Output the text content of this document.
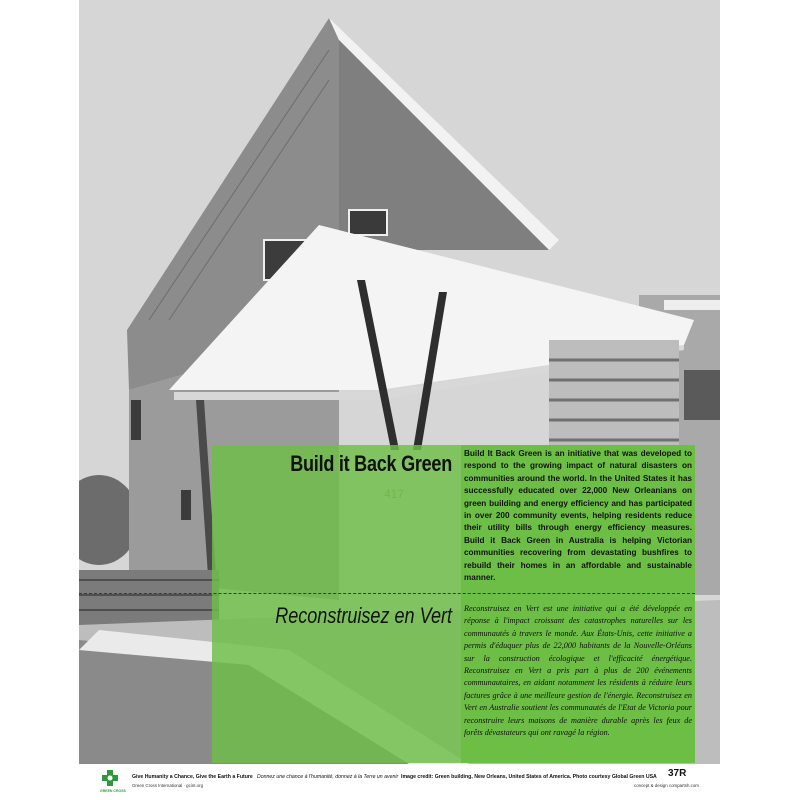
Build it Back Green
Reconstruisez en Vert
Build It Back Green is an initiative that was developed to respond to the growing impact of natural disasters on communities around the world. In the United States it has successfully educated over 22,000 New Orleanians on green building and energy efficiency and has participated in over 200 community events, helping residents reduce their utility bills through energy efficiency measures. Build it Back Green in Australia is helping Victorian communities recovering from devastating bushfires to rebuild their homes in an affordable and sustainable manner.
Reconstruisez en Vert est une initiative qui a été développée en réponse à l'impact croissant des catastrophes naturelles sur les communautés à travers le monde. Aux États-Unis, cette initiative a permis d'éduquer plus de 22,000 habitants de la Nouvelle-Orléans sur la construction écologique et l'efficacité énergétique. Reconstruisez en Vert a pris part à plus de 200 événements communautaires, en aidant notamment les résidents à réduire leurs factures grâce à une meilleure gestion de l'énergie. Reconstruisez en Vert en Australie soutient les communautés de l'Etat de Victoria pour reconstruire leurs maisons de manière durable après les feux de forêts dévastateurs qui ont ravagé la région.
GREEN CROSS
Give Humanity a Chance, Give the Earth a Future Donnez une chance à l'humanité, donnez à la Terre un avenir
Green Cross International · gcint.org
Image credit: Green building, New Orleans, United States of America. Photo courtesy Global Green USA 37R
concept & design compartsh.com
